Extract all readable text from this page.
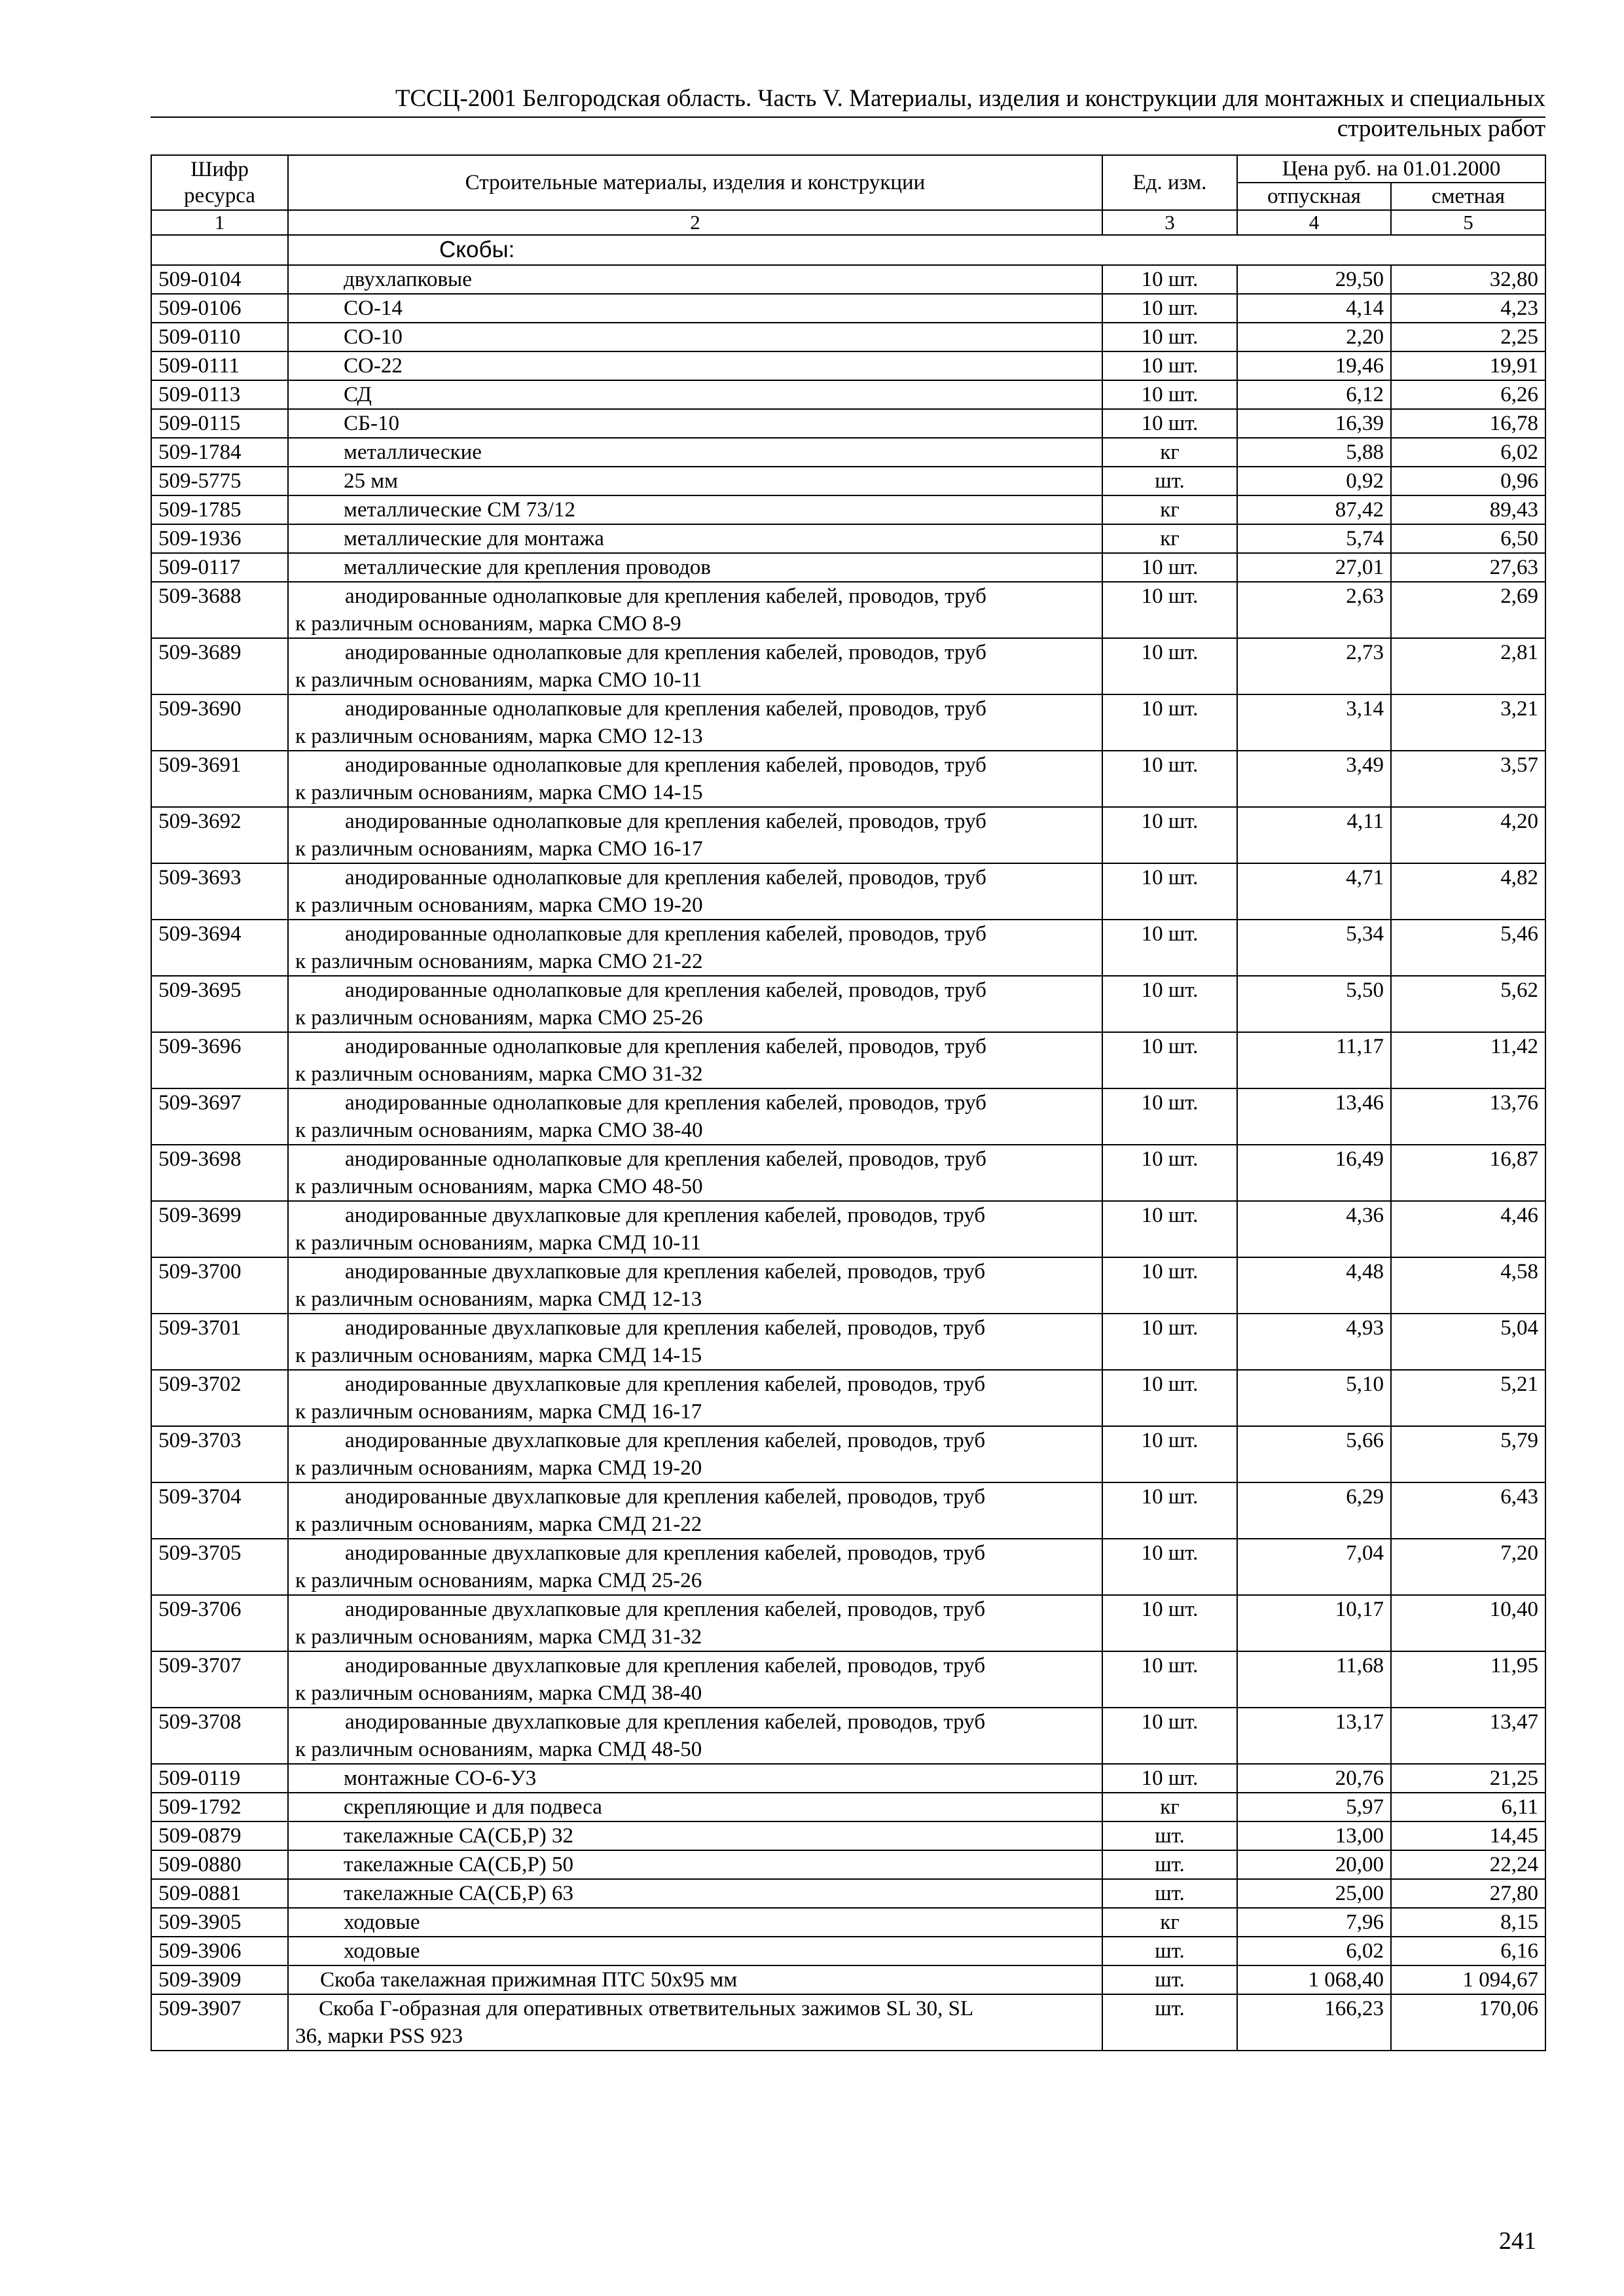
ТССЦ-2001 Белгородская область. Часть V. Материалы, изделия и конструкции для монтажных и специальных
строительных работ
Шифр ресурса	Строительные материалы, изделия и конструкции	Ед. изм.	Цена руб. на 01.01.2000	
			отпускная	сметная
1	2	3	4	5
	Скобы:			
509-0104	двухлапковые	10 шт.	29,50	32,80
509-0106	СО-14	10 шт.	4,14	4,23
509-0110	СО-10	10 шт.	2,20	2,25
509-0111	СО-22	10 шт.	19,46	19,91
509-0113	СД	10 шт.	6,12	6,26
509-0115	СБ-10	10 шт.	16,39	16,78
509-1784	металлические	кг	5,88	6,02
509-5775	25 мм	шт.	0,92	0,96
509-1785	металлические СМ 73/12	кг	87,42	89,43
509-1936	металлические для монтажа	кг	5,74	6,50
509-0117	металлические для крепления проводов	10 шт.	27,01	27,63
509-3688	анодированные однолапковые для крепления кабелей, проводов, труб
к различным основаниям, марка СМО 8-9	10 шт.	2,63	2,69
509-3689	анодированные однолапковые для крепления кабелей, проводов, труб
к различным основаниям, марка СМО 10-11	10 шт.	2,73	2,81
509-3690	анодированные однолапковые для крепления кабелей, проводов, труб
к различным основаниям, марка СМО 12-13	10 шт.	3,14	3,21
509-3691	анодированные однолапковые для крепления кабелей, проводов, труб
к различным основаниям, марка СМО 14-15	10 шт.	3,49	3,57
509-3692	анодированные однолапковые для крепления кабелей, проводов, труб
к различным основаниям, марка СМО 16-17	10 шт.	4,11	4,20
509-3693	анодированные однолапковые для крепления кабелей, проводов, труб
к различным основаниям, марка СМО 19-20	10 шт.	4,71	4,82
509-3694	анодированные однолапковые для крепления кабелей, проводов, труб
к различным основаниям, марка СМО 21-22	10 шт.	5,34	5,46
509-3695	анодированные однолапковые для крепления кабелей, проводов, труб
к различным основаниям, марка СМО 25-26	10 шт.	5,50	5,62
509-3696	анодированные однолапковые для крепления кабелей, проводов, труб
к различным основаниям, марка СМО 31-32	10 шт.	11,17	11,42
509-3697	анодированные однолапковые для крепления кабелей, проводов, труб
к различным основаниям, марка СМО 38-40	10 шт.	13,46	13,76
509-3698	анодированные однолапковые для крепления кабелей, проводов, труб
к различным основаниям, марка СМО 48-50	10 шт.	16,49	16,87
509-3699	анодированные двухлапковые для крепления кабелей, проводов, труб
к различным основаниям, марка СМД 10-11	10 шт.	4,36	4,46
509-3700	анодированные двухлапковые для крепления кабелей, проводов, труб
к различным основаниям, марка СМД 12-13	10 шт.	4,48	4,58
509-3701	анодированные двухлапковые для крепления кабелей, проводов, труб
к различным основаниям, марка СМД 14-15	10 шт.	4,93	5,04
509-3702	анодированные двухлапковые для крепления кабелей, проводов, труб
к различным основаниям, марка СМД 16-17	10 шт.	5,10	5,21
509-3703	анодированные двухлапковые для крепления кабелей, проводов, труб
к различным основаниям, марка СМД 19-20	10 шт.	5,66	5,79
509-3704	анодированные двухлапковые для крепления кабелей, проводов, труб
к различным основаниям, марка СМД 21-22	10 шт.	6,29	6,43
509-3705	анодированные двухлапковые для крепления кабелей, проводов, труб
к различным основаниям, марка СМД 25-26	10 шт.	7,04	7,20
509-3706	анодированные двухлапковые для крепления кабелей, проводов, труб
к различным основаниям, марка СМД 31-32	10 шт.	10,17	10,40
509-3707	анодированные двухлапковые для крепления кабелей, проводов, труб
к различным основаниям, марка СМД 38-40	10 шт.	11,68	11,95
509-3708	анодированные двухлапковые для крепления кабелей, проводов, труб
к различным основаниям, марка СМД 48-50	10 шт.	13,17	13,47
509-0119	монтажные СО-6-У3	10 шт.	20,76	21,25
509-1792	скрепляющие и для подвеса	кг	5,97	6,11
509-0879	такелажные СА(СБ,Р) 32	шт.	13,00	14,45
509-0880	такелажные СА(СБ,Р) 50	шт.	20,00	22,24
509-0881	такелажные СА(СБ,Р) 63	шт.	25,00	27,80
509-3905	ходовые	кг	7,96	8,15
509-3906	ходовые	шт.	6,02	6,16
509-3909	Скоба такелажная прижимная ПТС 50х95 мм	шт.	1 068,40	1 094,67
509-3907	Скоба Г-образная для оперативных ответвительных зажимов SL 30, SL
36, марки PSS 923	шт.	166,23	170,06
241
